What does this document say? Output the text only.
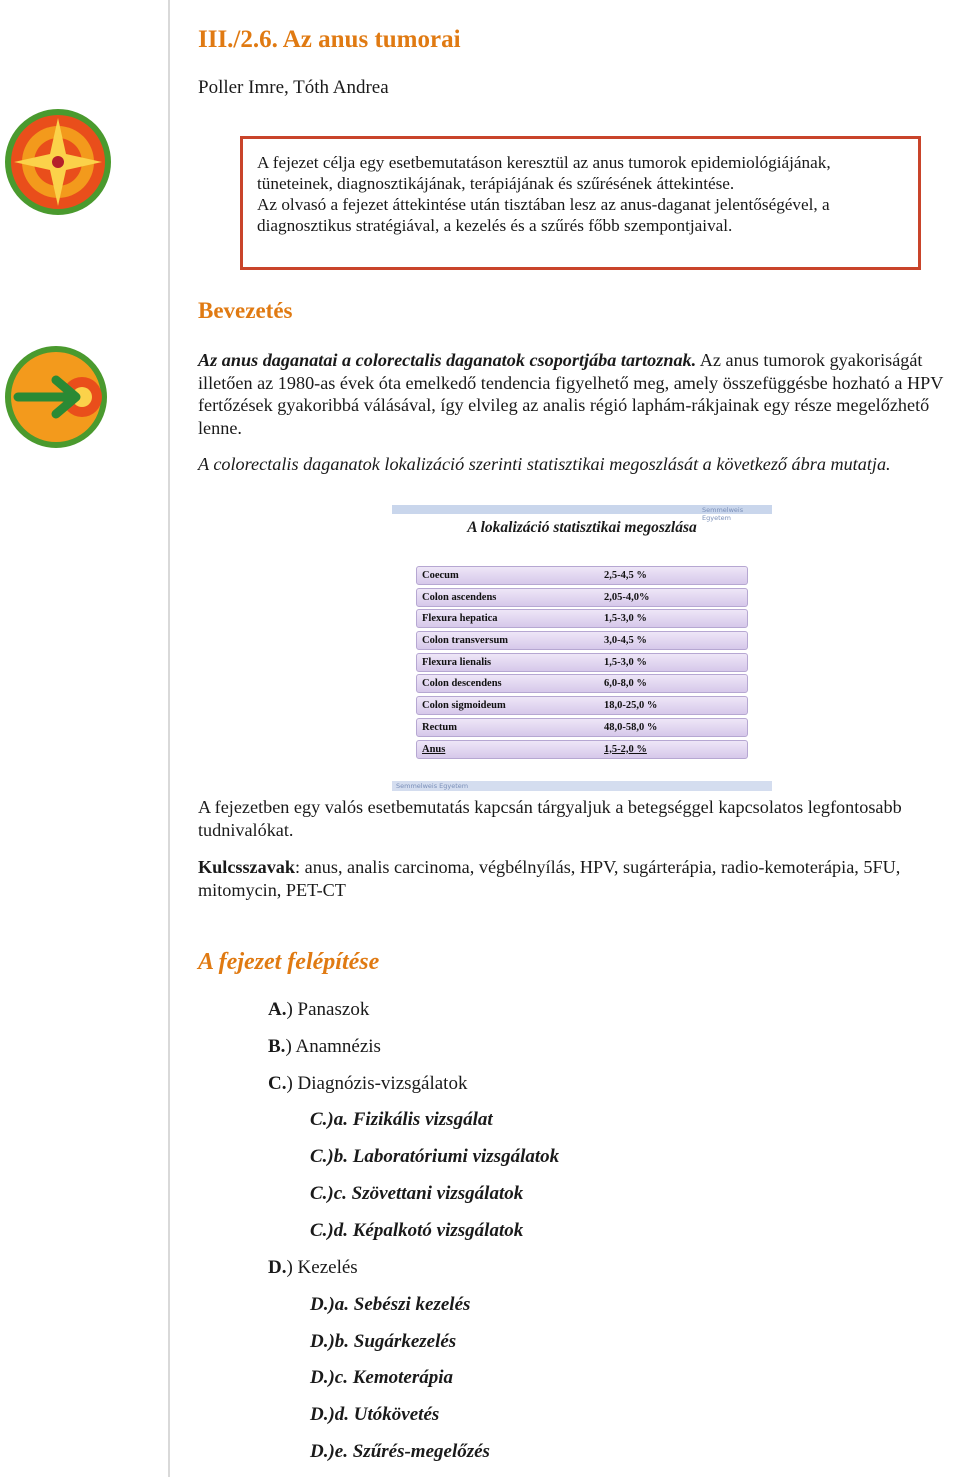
III./2.6. Az anus tumorai
Poller Imre, Tóth Andrea

A fejezet célja egy esetbemutatáson keresztül az anus tumorok epidemiológiájának, tüneteinek, diagnosztikájának, terápiájának és szűrésének áttekintése.

Az olvasó a fejezet áttekintése után tisztában lesz az anus-daganat jelentőségével, a diagnosztikus stratégiával, a kezelés és a szűrés főbb szempontjaival.

Bevezetés

Az anus daganatai a colorectalis daganatok csoportjába tartoznak. Az anus tumorok gyakoriságát illetően az 1980-as évek óta emelkedő tendencia figyelhető meg, amely összefüggésbe hozható a HPV fertőzések gyakoribbá válásával, így elvileg az analis régió laphám-rákjainak egy része megelőzhető lenne.

A colorectalis daganatok lokalizáció szerinti statisztikai megoszlását a következő ábra mutatja.

Semmelweis Egyetem
A lokalizáció statisztikai megoszlása
Coecum	2,5-4,5 %
Colon ascendens	2,05-4,0%
Flexura hepatica	1,5-3,0 %
Colon transversum	3,0-4,5 %
Flexura lienalis	1,5-3,0 %
Colon descendens	6,0-8,0 %
Colon sigmoideum	18,0-25,0 %
Rectum	48,0-58,0 %
Anus	1,5-2,0 %
Semmelweis Egyetem

A fejezetben egy valós esetbemutatás kapcsán tárgyaljuk a betegséggel kapcsolatos legfontosabb tudnivalókat.

Kulcsszavak: anus, analis carcinoma, végbélnyílás, HPV, sugárterápia, radio-kemoterápia, 5FU, mitomycin, PET-CT

A fejezet felépítése
A.) Panaszok
B.) Anamnézis
C.) Diagnózis-vizsgálatok
C.)a. Fizikális vizsgálat
C.)b. Laboratóriumi vizsgálatok
C.)c. Szövettani vizsgálatok
C.)d. Képalkotó vizsgálatok
D.) Kezelés
D.)a. Sebészi kezelés
D.)b. Sugárkezelés
D.)c. Kemoterápia
D.)d. Utókövetés
D.)e. Szűrés-megelőzés
